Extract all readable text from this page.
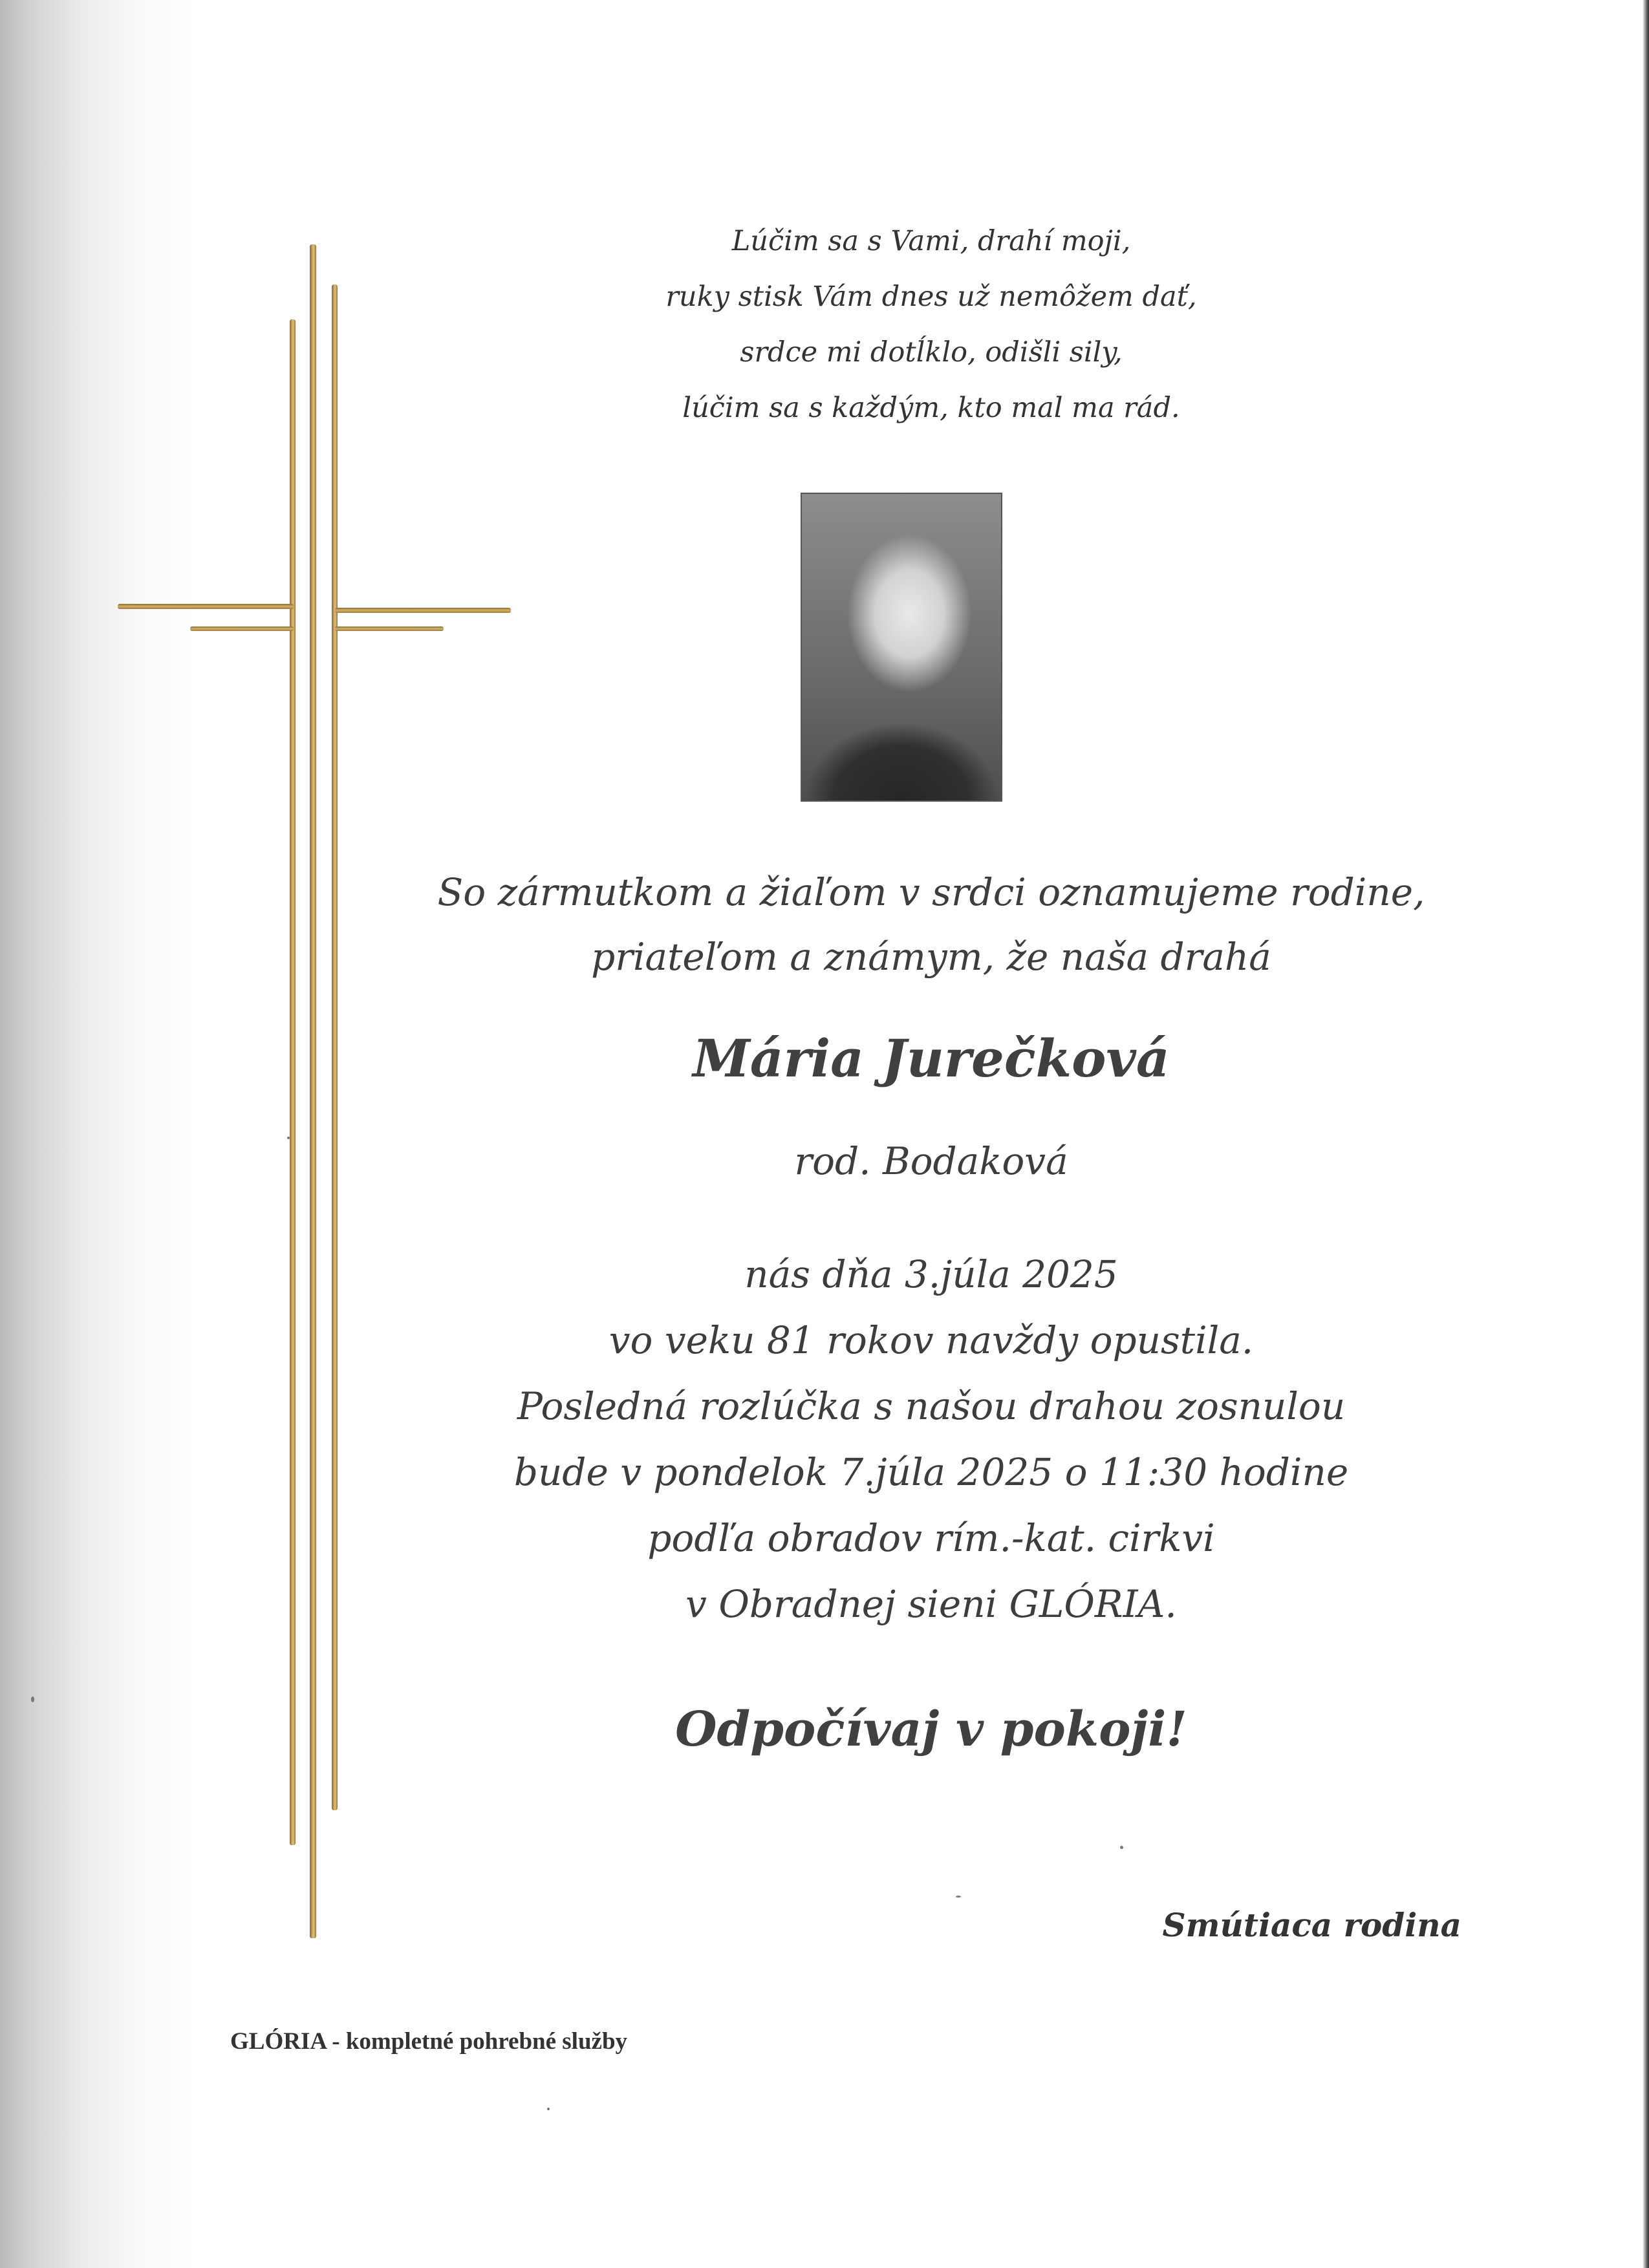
Lúčim sa s Vami, drahí moji,
ruky stisk Vám dnes už nemôžem dať,
srdce mi dotĺklo, odišli sily,
lúčim sa s každým, kto mal ma rád.
So zármutkom a žiaľom v srdci oznamujeme rodine,
priateľom a známym, že naša drahá
Mária Jurečková
rod. Bodaková
nás dňa 3.júla 2025
vo veku 81 rokov navždy opustila.
Posledná rozlúčka s našou drahou zosnulou
bude v pondelok 7.júla 2025 o 11:30 hodine
podľa obradov rím.-kat. cirkvi
v Obradnej sieni GLÓRIA.
Odpočívaj v pokoji!
Smútiaca rodina
GLÓRIA - kompletné pohrebné služby
